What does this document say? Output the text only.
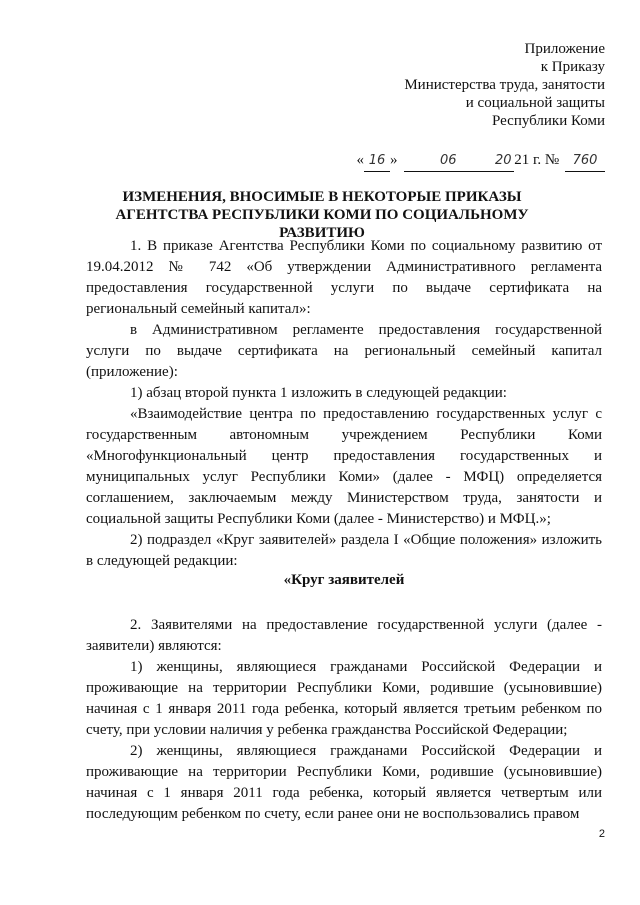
Приложение
к Приказу
Министерства труда, занятости
и социальной защиты
Республики Коми
« 16 »	06	20 21 г. № 760
ИЗМЕНЕНИЯ, ВНОСИМЫЕ В НЕКОТОРЫЕ ПРИКАЗЫ АГЕНТСТВА РЕСПУБЛИКИ КОМИ ПО СОЦИАЛЬНОМУ РАЗВИТИЮ

1. В приказе Агентства Республики Коми по социальному развитию от 19.04.2012 № 742 «Об утверждении Административного регламента предоставления государственной услуги по выдаче сертификата на региональный семейный капитал»:

в Административном регламенте предоставления государственной услуги по выдаче сертификата на региональный семейный капитал (приложение):

1) абзац второй пункта 1 изложить в следующей редакции:

«Взаимодействие центра по предоставлению государственных услуг с государственным автономным учреждением Республики Коми «Многофункциональный центр предоставления государственных и муниципальных услуг Республики Коми» (далее - МФЦ) определяется соглашением, заключаемым между Министерством труда, занятости и социальной защиты Республики Коми (далее - Министерство) и МФЦ.»;

2) подраздел «Круг заявителей» раздела I «Общие положения» изложить в следующей редакции:

«Круг заявителей

2. Заявителями на предоставление государственной услуги (далее - заявители) являются:

1) женщины, являющиеся гражданами Российской Федерации и проживающие на территории Республики Коми, родившие (усыновившие) начиная с 1 января 2011 года ребенка, который является третьим ребенком по счету, при условии наличия у ребенка гражданства Российской Федерации;

2) женщины, являющиеся гражданами Российской Федерации и проживающие на территории Республики Коми, родившие (усыновившие) начиная с 1 января 2011 года ребенка, который является четвертым или последующим ребенком по счету, если ранее они не воспользовались правом

2
